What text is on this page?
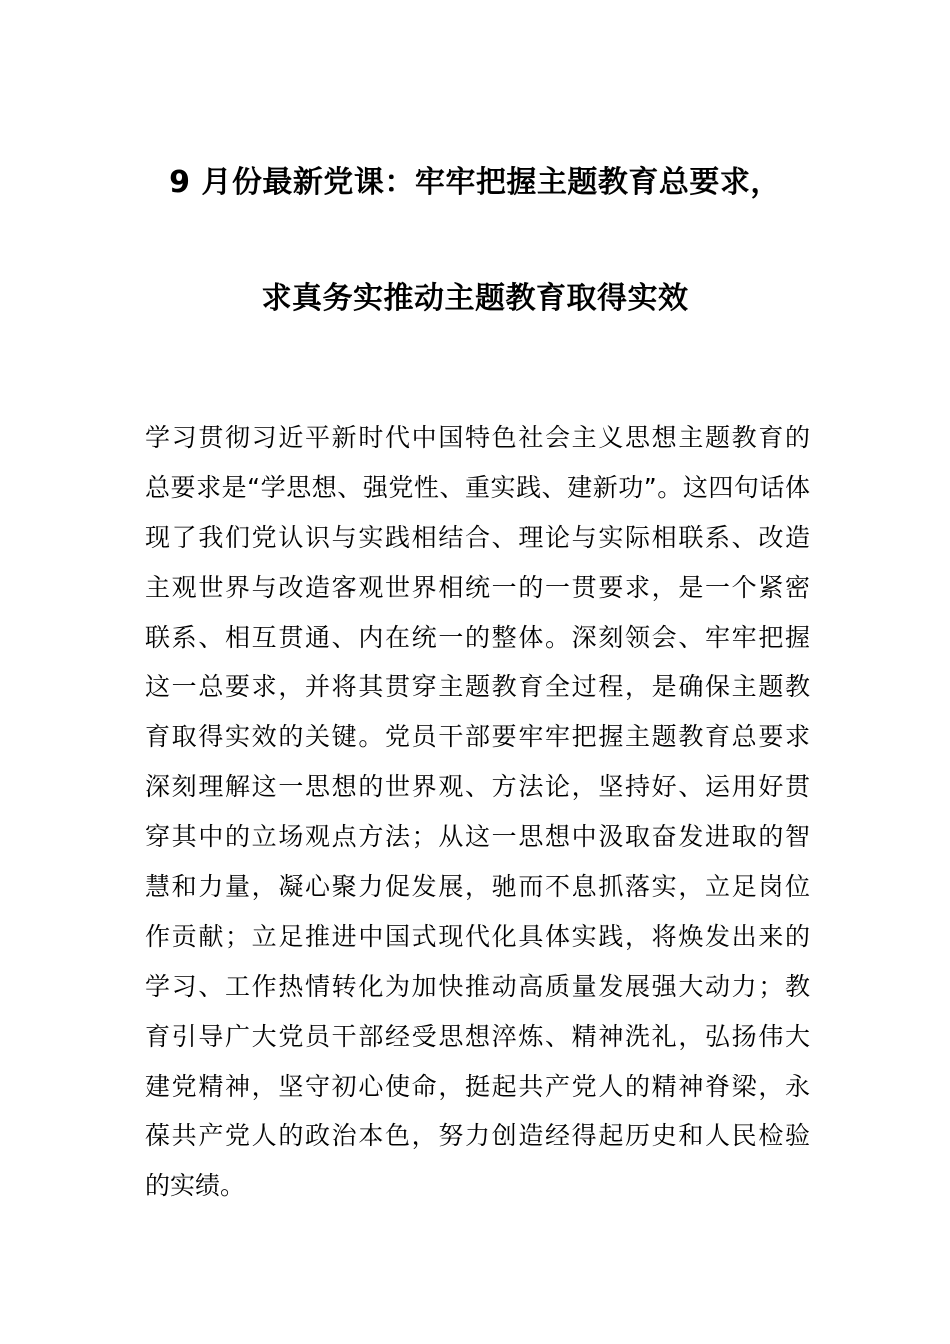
9 月份最新党课：牢牢把握主题教育总要求，
求真务实推动主题教育取得实效
学习贯彻习近平新时代中国特色社会主义思想主题教育的
总要求是“学思想、强党性、重实践、建新功”。这四句话体
现了我们党认识与实践相结合、理论与实际相联系、改造
主观世界与改造客观世界相统一的一贯要求，是一个紧密
联系、相互贯通、内在统一的整体。深刻领会、牢牢把握
这一总要求，并将其贯穿主题教育全过程，是确保主题教
育取得实效的关键。党员干部要牢牢把握主题教育总要求
深刻理解这一思想的世界观、方法论，坚持好、运用好贯
穿其中的立场观点方法；从这一思想中汲取奋发进取的智
慧和力量，凝心聚力促发展，驰而不息抓落实，立足岗位
作贡献；立足推进中国式现代化具体实践，将焕发出来的
学习、工作热情转化为加快推动高质量发展强大动力；教
育引导广大党员干部经受思想淬炼、精神洗礼，弘扬伟大
建党精神，坚守初心使命，挺起共产党人的精神脊梁，永
葆共产党人的政治本色，努力创造经得起历史和人民检验
的实绩。
